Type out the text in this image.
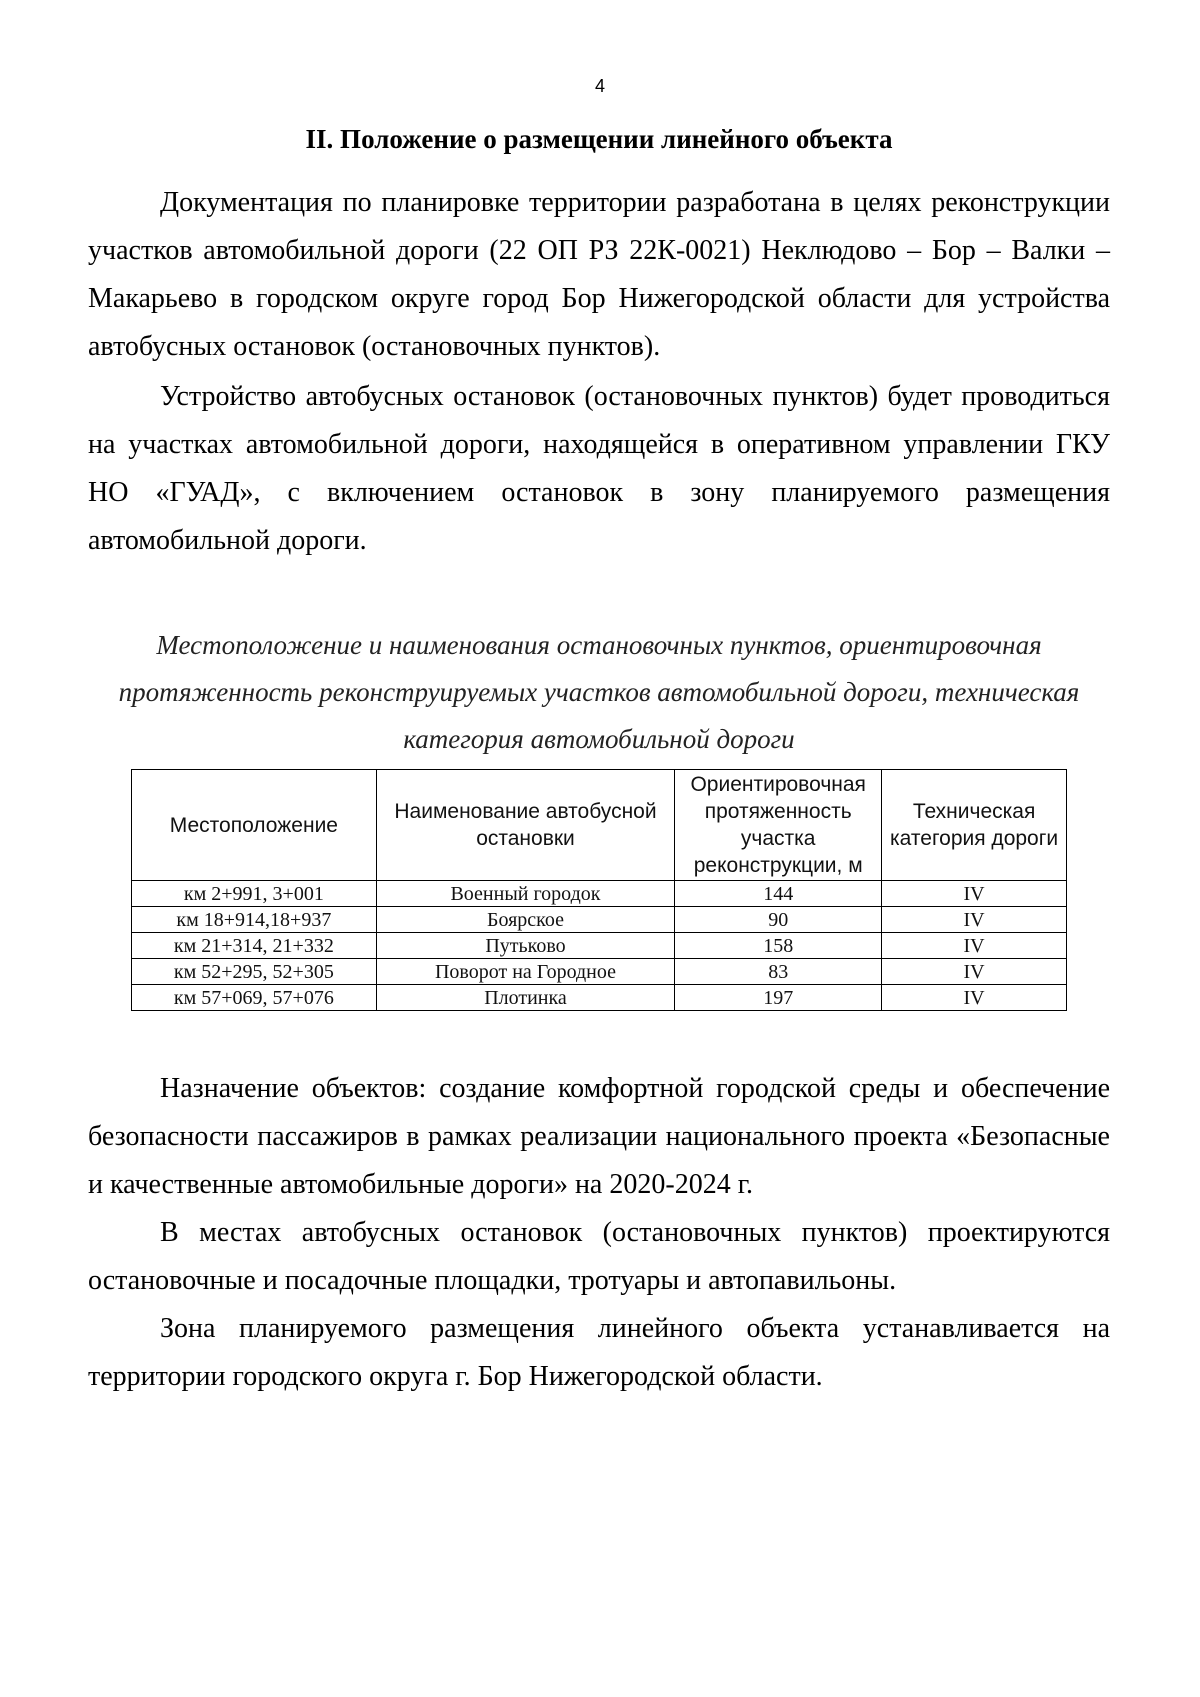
4
II. Положение о размещении линейного объекта

Документация по планировке территории разработана в целях реконструкции участков автомобильной дороги (22 ОП РЗ 22К-0021) Неклюдово – Бор – Валки – Макарьево в городском округе город Бор Нижегородской области для устройства автобусных остановок (остановочных пунктов).

Устройство автобусных остановок (остановочных пунктов) будет проводиться на участках автомобильной дороги, находящейся в оперативном управлении ГКУ НО «ГУАД», с включением остановок в зону планируемого размещения автомобильной дороги.

Местоположение и наименования остановочных пунктов, ориентировочная
протяженность реконструируемых участков автомобильной дороги, техническая
категория автомобильной дороги

Местоположение	Наименование автобусной остановки	Ориентировочная протяженность участка реконструкции, м	Техническая категория дороги
км 2+991, 3+001	Военный городок	144	IV
км 18+914,18+937	Боярское	90	IV
км 21+314, 21+332	Путьково	158	IV
км 52+295, 52+305	Поворот на Городное	83	IV
км 57+069, 57+076	Плотинка	197	IV

Назначение объектов: создание комфортной городской среды и обеспечение безопасности пассажиров в рамках реализации национального проекта «Безопасные и качественные автомобильные дороги» на 2020-2024 г.

В местах автобусных остановок (остановочных пунктов) проектируются остановочные и посадочные площадки, тротуары и автопавильоны.

Зона планируемого размещения линейного объекта устанавливается на территории городского округа г. Бор Нижегородской области.
